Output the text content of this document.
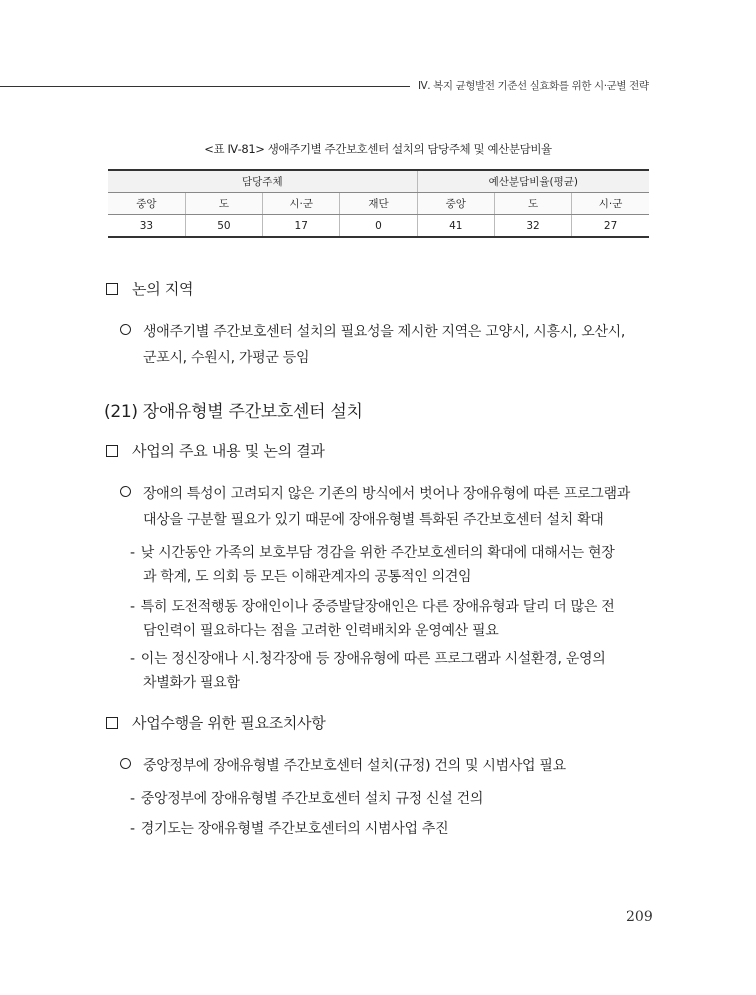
Ⅳ. 복지 균형발전 기준선 실효화를 위한 시·군별 전략
<표 Ⅳ-81> 생애주기별 주간보호센터 설치의 담당주체 및 예산분담비율
담당주체				예산분담비율(평균)		
중앙	도	시·군	재단	중앙	도	시·군
33	50	17	0	41	32	27
논의 지역
생애주기별 주간보호센터 설치의 필요성을 제시한 지역은 고양시, 시흥시, 오산시,
군포시, 수원시, 가평군 등임
(21) 장애유형별 주간보호센터 설치
사업의 주요 내용 및 논의 결과
장애의 특성이 고려되지 않은 기존의 방식에서 벗어나 장애유형에 따른 프로그램과
대상을 구분할 필요가 있기 때문에 장애유형별 특화된 주간보호센터 설치 확대
- 낮 시간동안 가족의 보호부담 경감을 위한 주간보호센터의 확대에 대해서는 현장
과 학계, 도 의회 등 모든 이해관계자의 공통적인 의견임
- 특히 도전적행동 장애인이나 중증발달장애인은 다른 장애유형과 달리 더 많은 전
담인력이 필요하다는 점을 고려한 인력배치와 운영예산 필요
- 이는 정신장애나 시.청각장애 등 장애유형에 따른 프로그램과 시설환경, 운영의
차별화가 필요함
사업수행을 위한 필요조치사항
중앙정부에 장애유형별 주간보호센터 설치(규정) 건의 및 시범사업 필요
- 중앙정부에 장애유형별 주간보호센터 설치 규정 신설 건의
- 경기도는 장애유형별 주간보호센터의 시범사업 추진
209
